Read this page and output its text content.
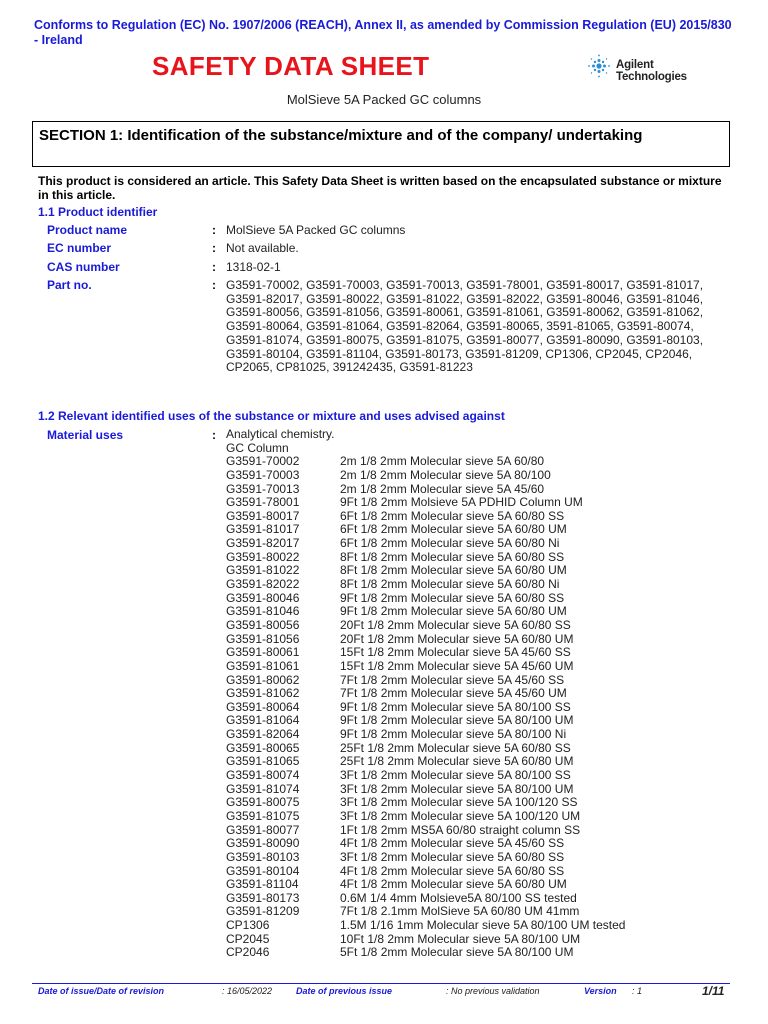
Conforms to Regulation (EC) No. 1907/2006 (REACH), Annex II, as amended by Commission Regulation (EU) 2015/830 - Ireland
SAFETY DATA SHEET	Agilent Technologies
MolSieve 5A Packed GC columns
SECTION 1: Identification of the substance/mixture and of the company/ undertaking
This product is considered an article. This Safety Data Sheet is written based on the encapsulated substance or mixture in this article.
1.1 Product identifier
Product name	: MolSieve 5A Packed GC columns
EC number	: Not available.
CAS number	: 1318-02-1
Part no.	: G3591-70002, G3591-70003, G3591-70013, G3591-78001, G3591-80017, G3591-81017, G3591-82017, G3591-80022, G3591-81022, G3591-82022, G3591-80046, G3591-81046, G3591-80056, G3591-81056, G3591-80061, G3591-81061, G3591-80062, G3591-81062, G3591-80064, G3591-81064, G3591-82064, G3591-80065, 3591-81065, G3591-80074, G3591-81074, G3591-80075, G3591-81075, G3591-80077, G3591-80090, G3591-80103, G3591-80104, G3591-81104, G3591-80173, G3591-81209, CP1306, CP2045, CP2046, CP2065, CP81025, 391242435, G3591-81223
1.2 Relevant identified uses of the substance or mixture and uses advised against
Material uses	: Analytical chemistry.
GC Column
G3591-70002	2m 1/8 2mm Molecular sieve 5A 60/80
G3591-70003	2m 1/8 2mm Molecular sieve 5A 80/100
G3591-70013	2m 1/8 2mm Molecular sieve 5A 45/60
G3591-78001	9Ft 1/8 2mm Molsieve 5A PDHID Column UM
G3591-80017	6Ft 1/8 2mm Molecular sieve 5A 60/80 SS
G3591-81017	6Ft 1/8 2mm Molecular sieve 5A 60/80 UM
G3591-82017	6Ft 1/8 2mm Molecular sieve 5A 60/80 Ni
G3591-80022	8Ft 1/8 2mm Molecular sieve 5A 60/80 SS
G3591-81022	8Ft 1/8 2mm Molecular sieve 5A 60/80 UM
G3591-82022	8Ft 1/8 2mm Molecular sieve 5A 60/80 Ni
G3591-80046	9Ft 1/8 2mm Molecular sieve 5A 60/80 SS
G3591-81046	9Ft 1/8 2mm Molecular sieve 5A 60/80 UM
G3591-80056	20Ft 1/8 2mm Molecular sieve 5A 60/80 SS
G3591-81056	20Ft 1/8 2mm Molecular sieve 5A 60/80 UM
G3591-80061	15Ft 1/8 2mm Molecular sieve 5A 45/60 SS
G3591-81061	15Ft 1/8 2mm Molecular sieve 5A 45/60 UM
G3591-80062	7Ft 1/8 2mm Molecular sieve 5A 45/60 SS
G3591-81062	7Ft 1/8 2mm Molecular sieve 5A 45/60 UM
G3591-80064	9Ft 1/8 2mm Molecular sieve 5A 80/100 SS
G3591-81064	9Ft 1/8 2mm Molecular sieve 5A 80/100 UM
G3591-82064	9Ft 1/8 2mm Molecular sieve 5A 80/100 Ni
G3591-80065	25Ft 1/8 2mm Molecular sieve 5A 60/80 SS
G3591-81065	25Ft 1/8 2mm Molecular sieve 5A 60/80 UM
G3591-80074	3Ft 1/8 2mm Molecular sieve 5A 80/100 SS
G3591-81074	3Ft 1/8 2mm Molecular sieve 5A 80/100 UM
G3591-80075	3Ft 1/8 2mm Molecular sieve 5A 100/120 SS
G3591-81075	3Ft 1/8 2mm Molecular sieve 5A 100/120 UM
G3591-80077	1Ft 1/8 2mm MS5A 60/80 straight column SS
G3591-80090	4Ft 1/8 2mm Molecular sieve 5A 45/60 SS
G3591-80103	3Ft 1/8 2mm Molecular sieve 5A 60/80 SS
G3591-80104	4Ft 1/8 2mm Molecular sieve 5A 60/80 SS
G3591-81104	4Ft 1/8 2mm Molecular sieve 5A 60/80 UM
G3591-80173	0.6M 1/4 4mm Molsieve5A 80/100 SS tested
G3591-81209	7Ft 1/8 2.1mm MolSieve 5A 60/80 UM 41mm
CP1306	1.5M 1/16 1mm Molecular sieve 5A 80/100 UM tested
CP2045	10Ft 1/8 2mm Molecular sieve 5A 80/100 UM
CP2046	5Ft 1/8 2mm Molecular sieve 5A 80/100 UM
Date of issue/Date of revision	: 16/05/2022	Date of previous issue	: No previous validation	Version : 1	1/11
